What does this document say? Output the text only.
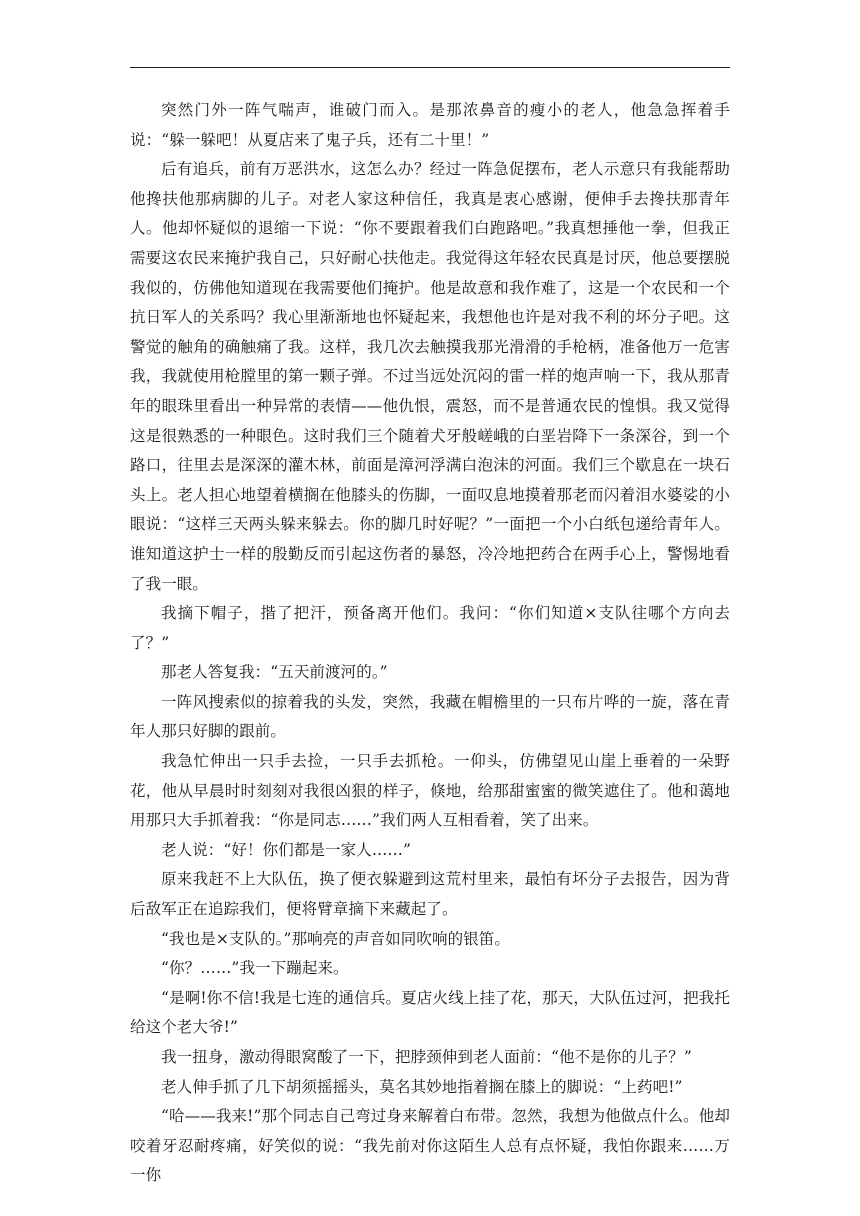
突然门外一阵气喘声，谁破门而入。是那浓鼻音的瘦小的老人，他急急挥着手说：“躲一躲吧！从夏店来了鬼子兵，还有二十里！”

后有追兵，前有万恶洪水，这怎么办？经过一阵急促摆布，老人示意只有我能帮助他搀扶他那病脚的儿子。对老人家这种信任，我真是衷心感谢，便伸手去搀扶那青年人。他却怀疑似的退缩一下说：“你不要跟着我们白跑路吧。”我真想捶他一拳，但我正需要这农民来掩护我自己，只好耐心扶他走。我觉得这年轻农民真是讨厌，他总要摆脱我似的，仿佛他知道现在我需要他们掩护。他是故意和我作难了，这是一个农民和一个抗日军人的关系吗？我心里渐渐地也怀疑起来，我想他也许是对我不利的坏分子吧。这警觉的触角的确触痛了我。这样，我几次去触摸我那光滑滑的手枪柄，准备他万一危害我，我就使用枪膛里的第一颗子弹。不过当远处沉闷的雷一样的炮声响一下，我从那青年的眼珠里看出一种异常的表情——他仇恨，震怒，而不是普通农民的惶惧。我又觉得这是很熟悉的一种眼色。这时我们三个随着犬牙般嵯峨的白垩岩降下一条深谷，到一个路口，往里去是深深的灌木林，前面是漳河浮满白泡沫的河面。我们三个歇息在一块石头上。老人担心地望着横搁在他膝头的伤脚，一面叹息地摸着那老而闪着泪水婆娑的小眼说：“这样三天两头躲来躲去。你的脚几时好呢？”一面把一个小白纸包递给青年人。谁知道这护士一样的殷勤反而引起这伤者的暴怒，冷冷地把药合在两手心上，警惕地看了我一眼。

我摘下帽子，揩了把汗，预备离开他们。我问：“你们知道×支队往哪个方向去了？”

那老人答复我：“五天前渡河的。”

一阵风搜索似的掠着我的头发，突然，我藏在帽檐里的一只布片哗的一旋，落在青年人那只好脚的跟前。

我急忙伸出一只手去捡，一只手去抓枪。一仰头，仿佛望见山崖上垂着的一朵野花，他从早晨时时刻刻对我很凶狠的样子，倏地，给那甜蜜蜜的微笑遮住了。他和蔼地用那只大手抓着我：“你是同志……”我们两人互相看着，笑了出来。

老人说：“好！你们都是一家人……”

原来我赶不上大队伍，换了便衣躲避到这荒村里来，最怕有坏分子去报告，因为背后敌军正在追踪我们，便将臂章摘下来藏起了。

“我也是×支队的。”那响亮的声音如同吹响的银笛。

“你？……”我一下蹦起来。

“是啊!你不信!我是七连的通信兵。夏店火线上挂了花，那天，大队伍过河，把我托给这个老大爷!”

我一扭身，激动得眼窝酸了一下，把脖颈伸到老人面前：“他不是你的儿子？”

老人伸手抓了几下胡须摇摇头，莫名其妙地指着搁在膝上的脚说：“上药吧!”

“哈——我来!”那个同志自己弯过身来解着白布带。忽然，我想为他做点什么。他却咬着牙忍耐疼痛，好笑似的说：“我先前对你这陌生人总有点怀疑，我怕你跟来……万一你
